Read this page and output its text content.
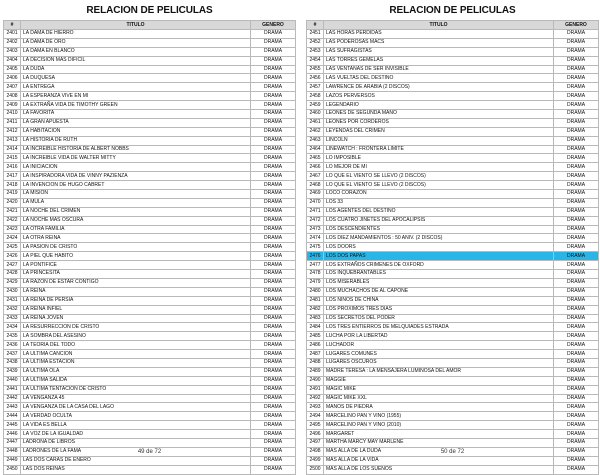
RELACION DE PELICULAS
#	TITULO	GENERO
2401	LA DAMA DE HIERRO	DRAMA
2402	LA DAMA DE ORO	DRAMA
2403	LA DAMA EN BLANCO	DRAMA
2404	LA DECISION MAS DIFICIL	DRAMA
2405	LA DUDA	DRAMA
2406	LA DUQUESA	DRAMA
2407	LA ENTREGA	DRAMA
2408	LA ESPERANZA VIVE EN MI	DRAMA
2409	LA EXTRAÑA VIDA DE TIMOTHY GREEN	DRAMA
2410	LA FAVORITA	DRAMA
2411	LA GRAN APUESTA	DRAMA
2412	LA HABITACION	DRAMA
2413	LA HISTORIA DE RUTH	DRAMA
2414	LA INCREIBLE HISTORIA DE ALBERT NOBBS	DRAMA
2415	LA INCREIBLE VIDA DE WALTER MITTY	DRAMA
2416	LA INICIACION	DRAMA
2417	LA INSPIRADORA VIDA DE VINNY PAZIENZA	DRAMA
2418	LA INVENCION DE HUGO CABRET	DRAMA
2419	LA MISION	DRAMA
2420	LA MULA	DRAMA
2421	LA NOCHE DEL CRIMEN	DRAMA
2422	LA NOCHE MAS OSCURA	DRAMA
2423	LA OTRA FAMILIA	DRAMA
2424	LA OTRA REINA	DRAMA
2425	LA PASION DE CRISTO	DRAMA
2426	LA PIEL QUE HABITO	DRAMA
2427	LA PONTIFICE	DRAMA
2428	LA PRINCESITA	DRAMA
2429	LA RAZON DE ESTAR CONTIGO	DRAMA
2430	LA REINA	DRAMA
2431	LA REINA DE PERSIA	DRAMA
2432	LA REINA INFIEL	DRAMA
2433	LA REINA JOVEN	DRAMA
2434	LA RESURRECCION DE CRISTO	DRAMA
2435	LA SOMBRA DEL ASESINO	DRAMA
2436	LA TEORIA DEL TODO	DRAMA
2437	LA ULTIMA CANCION	DRAMA
2438	LA ULTIMA ESTACION	DRAMA
2439	LA ULTIMA OLA	DRAMA
2440	LA ULTIMA SALIDA	DRAMA
2441	LA ULTIMA TENTACION DE CRISTO	DRAMA
2442	LA VENGANZA 45	DRAMA
2443	LA VENGANZA DE LA CASA DEL LAGO	DRAMA
2444	LA VERDAD OCULTA	DRAMA
2445	LA VIDA ES BELLA	DRAMA
2446	LA VOZ DE LA IGUALDAD	DRAMA
2447	LADRONA DE LIBROS	DRAMA
2448	LADRONES DE LA FAMA	DRAMA
2449	LAS DOS CARAS DE ENERO	DRAMA
2450	LAS DOS REINAS	DRAMA
49 de 72
RELACION DE PELICULAS
#	TITULO	GENERO
2451	LAS HORAS PERDIDAS	DRAMA
2452	LAS PODEROSAS MACS	DRAMA
2453	LAS SUFRAGISTAS	DRAMA
2454	LAS TORRES GEMELAS	DRAMA
2455	LAS VENTANAS DE SER INVISIBLE	DRAMA
2456	LAS VUELTAS DEL DESTINO	DRAMA
2457	LAWRENCE DE ARABIA (2 DISCOS)	DRAMA
2458	LAZOS PERVERSOS	DRAMA
2459	LEGENDARIO	DRAMA
2460	LEONES DE SEGUNDA MANO	DRAMA
2461	LEONES POR CORDEROS	DRAMA
2462	LEYENDAS DEL CRIMEN	DRAMA
2463	LINCOLN	DRAMA
2464	LINEWATCH : FRONTERA LIMITE	DRAMA
2465	LO IMPOSIBLE	DRAMA
2466	LO MEJOR DE MI	DRAMA
2467	LO QUE EL VIENTO SE LLEVO (2 DISCOS)	DRAMA
2468	LO QUE EL VIENTO SE LLEVO (2 DISCOS)	DRAMA
2469	LOCO CORAZON	DRAMA
2470	LOS 33	DRAMA
2471	LOS AGENTES DEL DESTINO	DRAMA
2472	LOS CUATRO JINETES DEL APOCALIPSIS	DRAMA
2473	LOS DESCENDIENTES	DRAMA
2474	LOS DIEZ MANDAMIENTOS : 50 ANIV. (2 DISCOS)	DRAMA
2475	LOS DOORS	DRAMA
2476	LOS DOS PAPAS	DRAMA
2477	LOS EXTRAÑOS CRIMENES DE OXFORD	DRAMA
2478	LOS INQUEBRANTABLES	DRAMA
2479	LOS MISERABLES	DRAMA
2480	LOS MUCHACHOS DE AL CAPONE	DRAMA
2481	LOS NIÑOS DE CHINA	DRAMA
2482	LOS PROXIMOS TRES DIAS	DRAMA
2483	LOS SECRETOS DEL PODER	DRAMA
2484	LOS TRES ENTIERROS DE MELQUIADES ESTRADA	DRAMA
2485	LUCHA POR LA LIBERTAD	DRAMA
2486	LUCHADOR	DRAMA
2487	LUGARES COMUNES	DRAMA
2488	LUGARES OSCUROS	DRAMA
2489	MADRE TERESA : LA MENSAJERA LUMINOSA DEL AMOR	DRAMA
2490	MAGGIE	DRAMA
2491	MAGIC MIKE	DRAMA
2492	MAGIC MIKE XXL	DRAMA
2493	MANOS DE PIEDRA	DRAMA
2494	MARCELINO PAN Y VINO (1955)	DRAMA
2495	MARCELINO PAN Y VINO (2010)	DRAMA
2496	MARGARET	DRAMA
2497	MARTHA MARCY MAY MARLENE	DRAMA
2498	MAS ALLA DE LA DUDA	DRAMA
2499	MAS ALLA DE LA VIDA	DRAMA
2500	MAS ALLA DE LOS SUEÑOS	DRAMA
50 de 72
